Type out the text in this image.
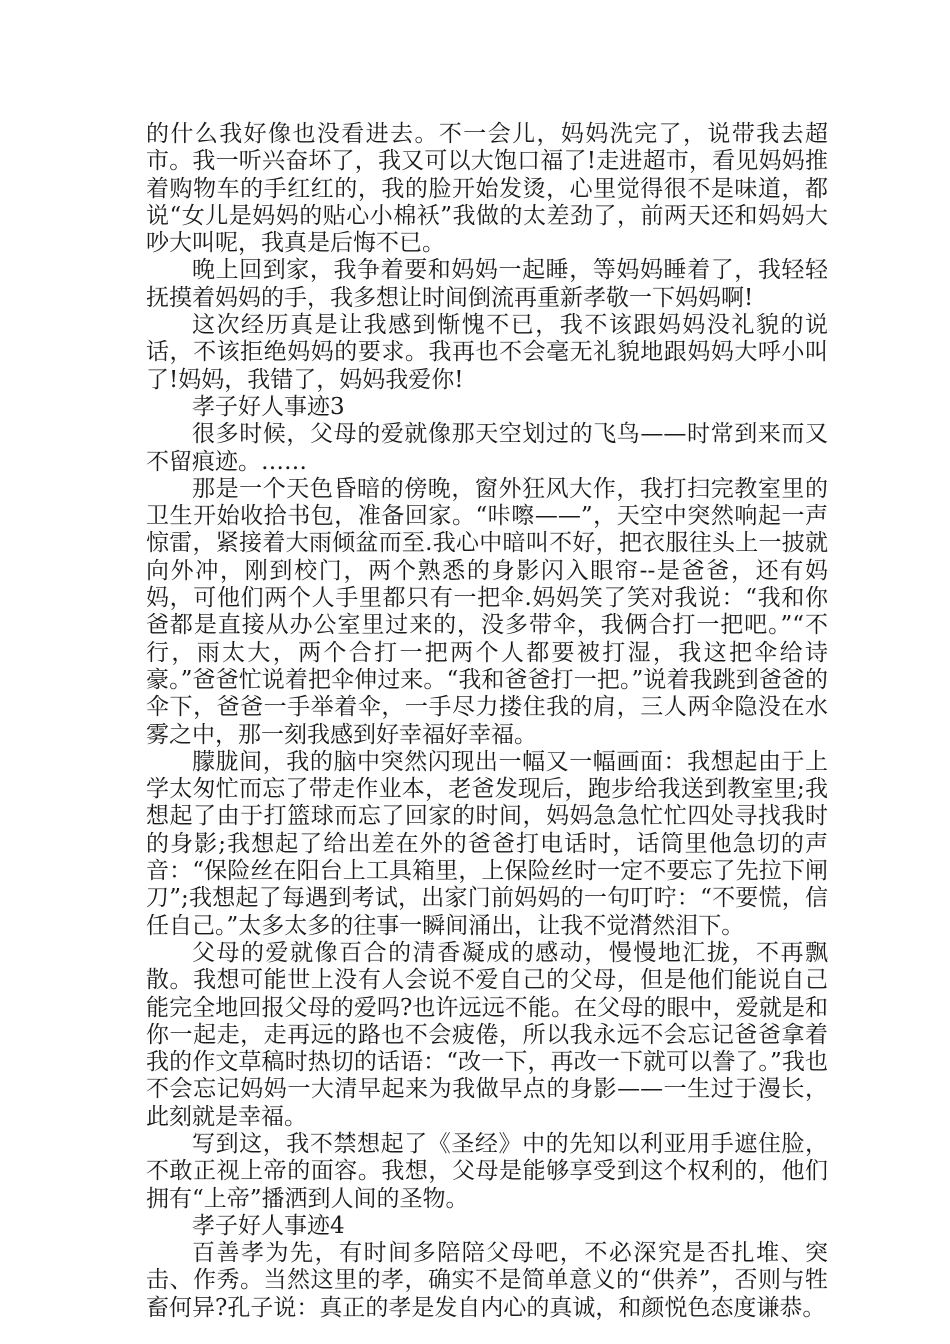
的什么我好像也没看进去。不一会儿，妈妈洗完了，说带我去超市。我一听兴奋坏了，我又可以大饱口福了!走进超市，看见妈妈推着购物车的手红红的，我的脸开始发烫，心里觉得很不是味道，都说“女儿是妈妈的贴心小棉袄”我做的太差劲了，前两天还和妈妈大吵大叫呢，我真是后悔不已。

晚上回到家，我争着要和妈妈一起睡，等妈妈睡着了，我轻轻抚摸着妈妈的手，我多想让时间倒流再重新孝敬一下妈妈啊!

这次经历真是让我感到惭愧不已，我不该跟妈妈没礼貌的说话，不该拒绝妈妈的要求。我再也不会毫无礼貌地跟妈妈大呼小叫了!妈妈，我错了，妈妈我爱你!

孝子好人事迹3

很多时候，父母的爱就像那天空划过的飞鸟——时常到来而又不留痕迹。……

那是一个天色昏暗的傍晚，窗外狂风大作，我打扫完教室里的卫生开始收拾书包，准备回家。“咔嚓——”，天空中突然响起一声惊雷，紧接着大雨倾盆而至.我心中暗叫不好，把衣服往头上一披就向外冲，刚到校门，两个熟悉的身影闪入眼帘--是爸爸，还有妈妈，可他们两个人手里都只有一把伞.妈妈笑了笑对我说：“我和你爸都是直接从办公室里过来的，没多带伞，我俩合打一把吧。”“不行，雨太大，两个合打一把两个人都要被打湿，我这把伞给诗豪。”爸爸忙说着把伞伸过来。“我和爸爸打一把。”说着我跳到爸爸的伞下，爸爸一手举着伞，一手尽力搂住我的肩，三人两伞隐没在水雾之中，那一刻我感到好幸福好幸福。

朦胧间，我的脑中突然闪现出一幅又一幅画面：我想起由于上学太匆忙而忘了带走作业本，老爸发现后，跑步给我送到教室里;我想起了由于打篮球而忘了回家的时间，妈妈急急忙忙四处寻找我时的身影;我想起了给出差在外的爸爸打电话时，话筒里他急切的声音：“保险丝在阳台上工具箱里，上保险丝时一定不要忘了先拉下闸刀”;我想起了每遇到考试，出家门前妈妈的一句叮咛：“不要慌，信任自己。”太多太多的往事一瞬间涌出，让我不觉潸然泪下。

父母的爱就像百合的清香凝成的感动，慢慢地汇拢，不再飘散。我想可能世上没有人会说不爱自己的父母，但是他们能说自己能完全地回报父母的爱吗?也许远远不能。在父母的眼中，爱就是和你一起走，走再远的路也不会疲倦，所以我永远不会忘记爸爸拿着我的作文草稿时热切的话语：“改一下，再改一下就可以誊了。”我也不会忘记妈妈一大清早起来为我做早点的身影——一生过于漫长，此刻就是幸福。

写到这，我不禁想起了《圣经》中的先知以利亚用手遮住脸，不敢正视上帝的面容。我想，父母是能够享受到这个权利的，他们拥有“上帝”播洒到人间的圣物。

孝子好人事迹4

百善孝为先，有时间多陪陪父母吧，不必深究是否扎堆、突击、作秀。当然这里的孝，确实不是简单意义的“供养”，否则与牲畜何异?孔子说：真正的孝是发自内心的真诚，和颜悦色态度谦恭。
